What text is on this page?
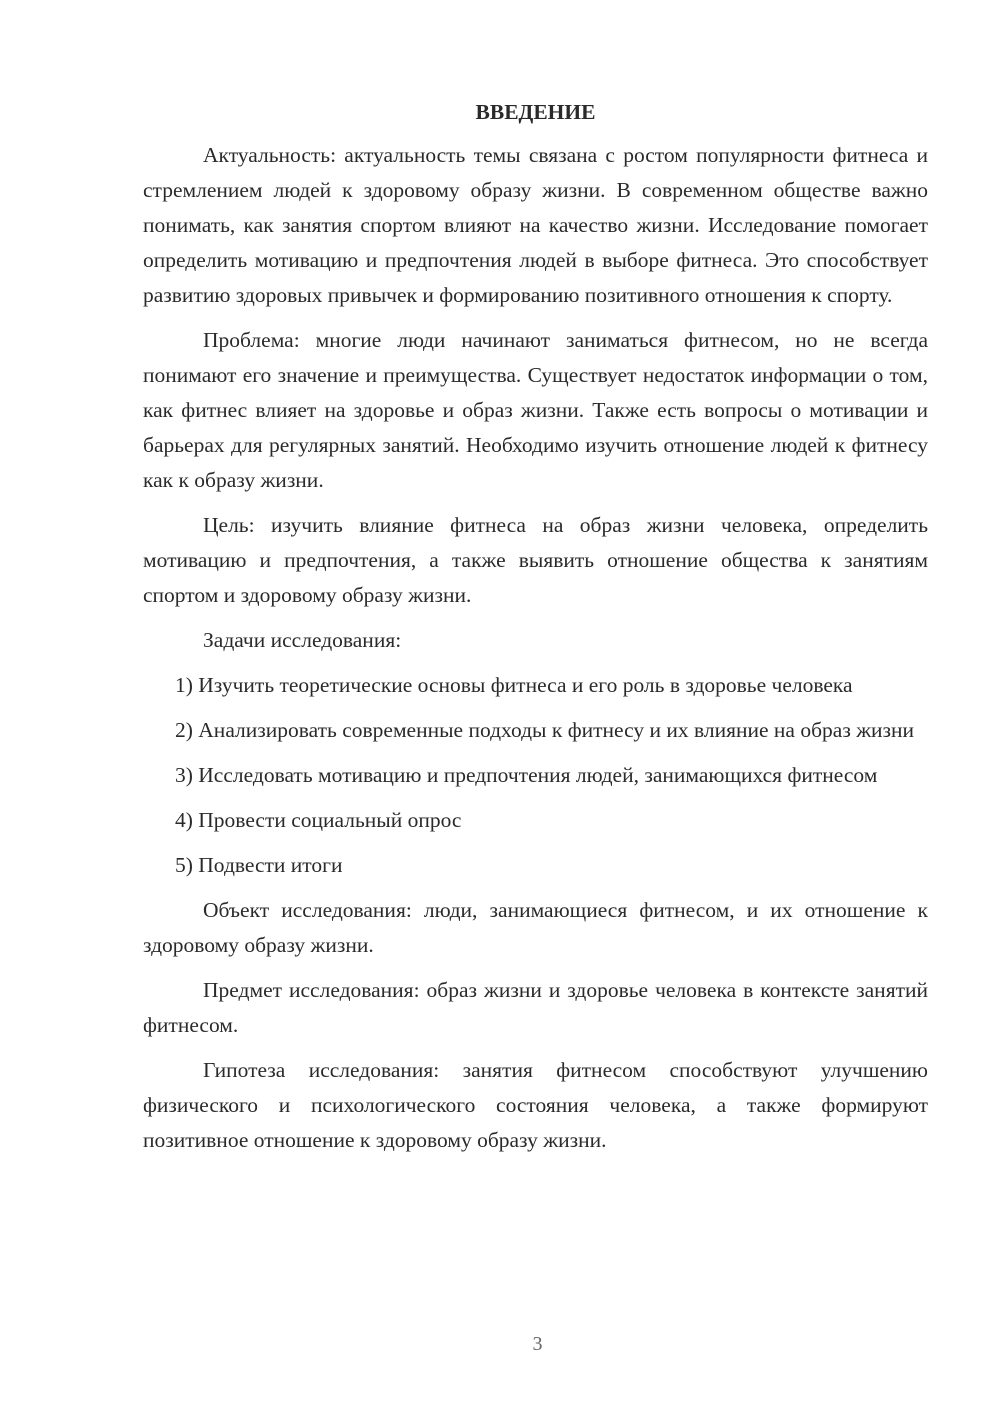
ВВЕДЕНИЕ

Актуальность: актуальность темы связана с ростом популярности фитнеса и стремлением людей к здоровому образу жизни. В современном обществе важно понимать, как занятия спортом влияют на качество жизни. Исследование помогает определить мотивацию и предпочтения людей в выборе фитнеса. Это способствует развитию здоровых привычек и формированию позитивного отношения к спорту.

Проблема: многие люди начинают заниматься фитнесом, но не всегда понимают его значение и преимущества. Существует недостаток информации о том, как фитнес влияет на здоровье и образ жизни. Также есть вопросы о мотивации и барьерах для регулярных занятий. Необходимо изучить отношение людей к фитнесу как к образу жизни.

Цель: изучить влияние фитнеса на образ жизни человека, определить мотивацию и предпочтения, а также выявить отношение общества к занятиям спортом и здоровому образу жизни.

Задачи исследования:

1) Изучить теоретические основы фитнеса и его роль в здоровье человека

2) Анализировать современные подходы к фитнесу и их влияние на образ жизни

3) Исследовать мотивацию и предпочтения людей, занимающихся фитнесом

4) Провести социальный опрос

5) Подвести итоги

Объект исследования: люди, занимающиеся фитнесом, и их отношение к здоровому образу жизни.

Предмет исследования: образ жизни и здоровье человека в контексте занятий фитнесом.

Гипотеза исследования: занятия фитнесом способствуют улучшению физического и психологического состояния человека, а также формируют позитивное отношение к здоровому образу жизни.

3
